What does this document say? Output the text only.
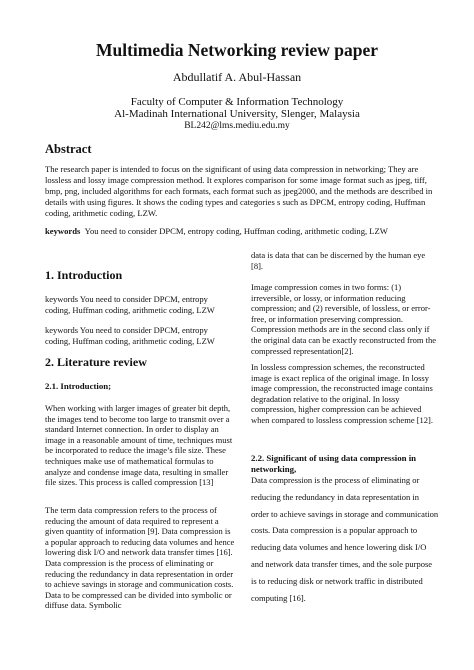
Multimedia Networking review paper
Abdullatif A. Abul-Hassan
Faculty of Computer & Information Technology
Al-Madinah International University, Slenger, Malaysia
BL242@lms.mediu.edu.my
Abstract

The research paper is intended to focus on the significant of using data compression in networking; They are lossless and lossy image compression method. It explores comparison for some image format such as jpeg, tiff, bmp, png, included algorithms for each formats, each format such as jpeg2000, and the methods are described in details with using figures. It shows the coding types and categories s such as DPCM, entropy coding, Huffman coding, arithmetic coding, LZW.

keywords You need to consider DPCM, entropy coding, Huffman coding, arithmetic coding, LZW

1. Introduction

keywords You need to consider DPCM, entropy coding, Huffman coding, arithmetic coding, LZW

keywords You need to consider DPCM, entropy coding, Huffman coding, arithmetic coding, LZW

2. Literature review
2.1. Introduction;

When working with larger images of greater bit depth, the images tend to become too large to transmit over a standard Internet connection. In order to display an image in a reasonable amount of time, techniques must be incorporated to reduce the image’s file size. These techniques make use of mathematical formulas to analyze and condense image data, resulting in smaller file sizes. This process is called compression [13]

The term data compression refers to the process of reducing the amount of data required to represent a given quantity of information [9]. Data compression is a popular approach to reducing data volumes and hence lowering disk I/O and network data transfer times [16]. Data compression is the process of eliminating or reducing the redundancy in data representation in order to achieve savings in storage and communication costs. Data to be compressed can be divided into symbolic or diffuse data. Symbolic

data is data that can be discerned by the human eye [8].

Image compression comes in two forms: (1) irreversible, or lossy, or information reducing compression; and (2) reversible, of lossless, or error-free, or information preserving compression. Compression methods are in the second class only if the original data can be exactly reconstructed from the compressed representation[2].

In lossless compression schemes, the reconstructed image is exact replica of the original image. In lossy image compression, the reconstructed image contains degradation relative to the original. In lossy compression, higher compression can be achieved when compared to lossless compression scheme [12].

2.2. Significant of using data compression in networking,

Data compression is the process of eliminating or reducing the redundancy in data representation in order to achieve savings in storage and communication costs. Data compression is a popular approach to reducing data volumes and hence lowering disk I/O and network data transfer times, and the sole purpose is to reducing disk or network traffic in distributed computing [16].
